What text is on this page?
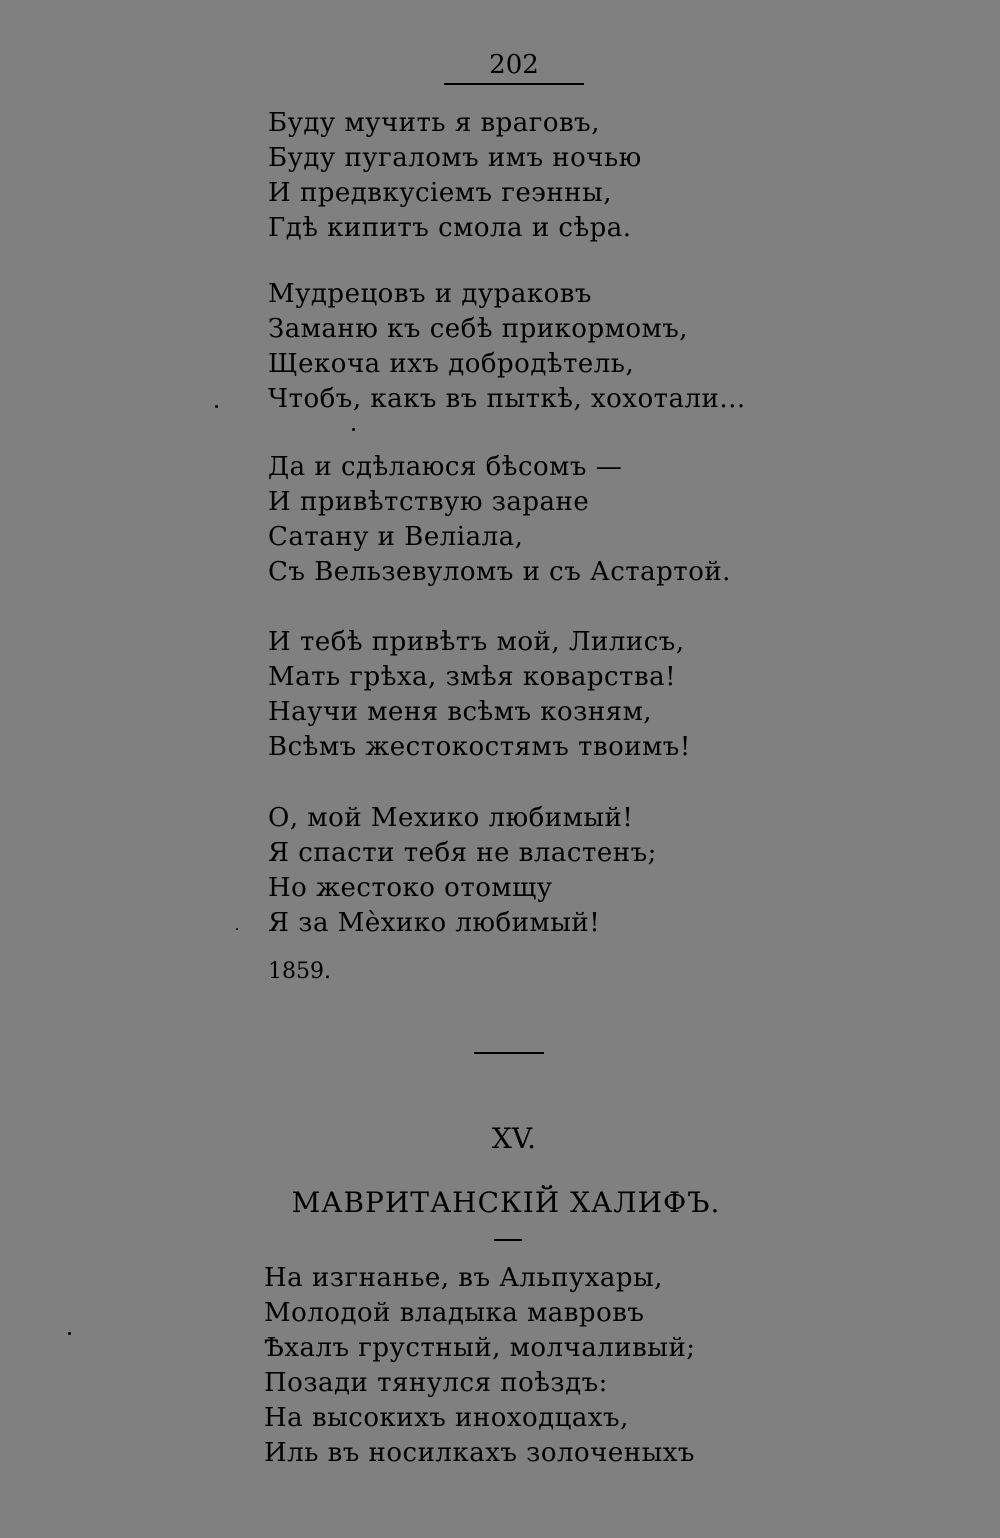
202
Буду мучить я враговъ,
Буду пугаломъ имъ ночью
И предвкусіемъ геэнны,
Гдѣ кипитъ смола и сѣра.
Мудрецовъ и дураковъ
Заманю къ себѣ прикормомъ,
Щекоча ихъ добродѣтель,
Чтобъ, какъ въ пыткѣ, хохотали...
Да и сдѣлаюся бѣсомъ —
И привѣтствую заране
Сатану и Веліала,
Съ Вельзевуломъ и съ Астартой.
И тебѣ привѣтъ мой, Лилисъ,
Мать грѣха, змѣя коварства!
Научи меня всѣмъ козням,
Всѣмъ жестокостямъ твоимъ!
О, мой Мехико любимый!
Я спасти тебя не властенъ;
Но жестоко отомщу
Я за Мѐхико любимый!
1859.
XV.
МАВРИТАНСКІЙ ХАЛИФЪ.
На изгнанье, въ Альпухары,
Молодой владыка мавровъ
Ѣхалъ грустный, молчаливый;
Позади тянулся поѣздъ:
На высокихъ иноходцахъ,
Иль въ носилкахъ золоченыхъ
